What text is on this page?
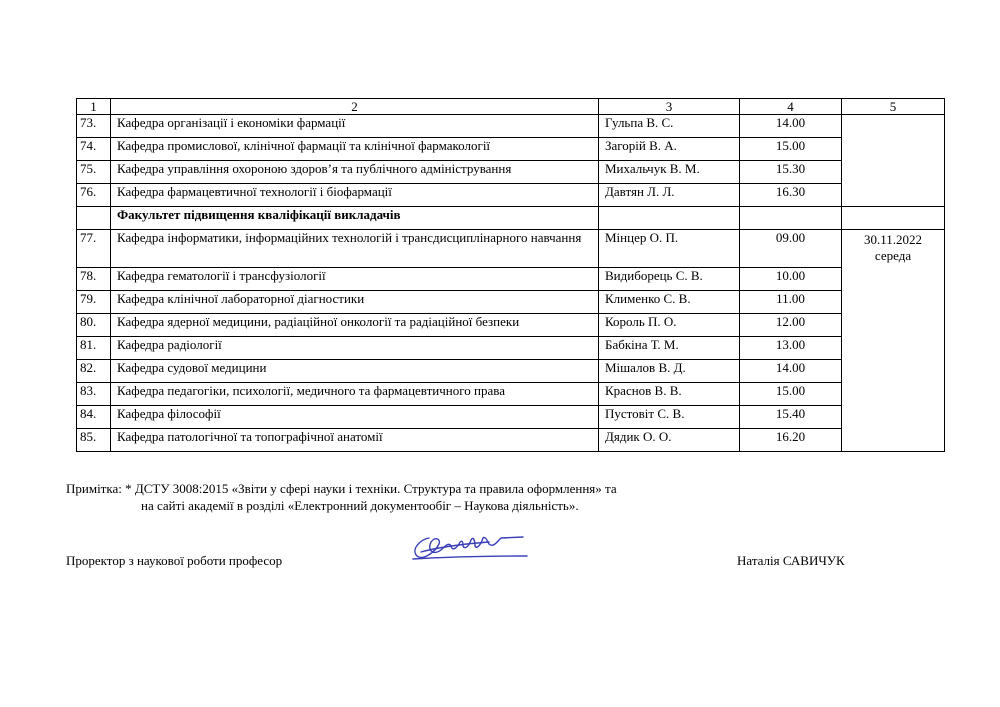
1	2	3	4	5
73.	Кафедра організації і економіки фармації	Гульпа В. С.	14.00	
74.	Кафедра промислової, клінічної фармації та клінічної фармакології	Загорій В. А.	15.00	
75.	Кафедра управління охороною здоров’я та публічного адміністрування	Михальчук В. М.	15.30	
76.	Кафедра фармацевтичної технології і біофармації	Давтян Л. Л.	16.30	
	Факультет підвищення кваліфікації викладачів			
77.	Кафедра інформатики, інформаційних технологій і трансдисциплінарного навчання	Мінцер О. П.	09.00	30.11.2022
середа

78.	Кафедра гематології і трансфузіології	Видиборець С. В.	10.00	
79.	Кафедра клінічної лабораторної діагностики	Клименко С. В.	11.00	
80.	Кафедра ядерної медицини, радіаційної онкології та радіаційної безпеки	Король П. О.	12.00	
81.	Кафедра радіології	Бабкіна Т. М.	13.00	
82.	Кафедра судової медицини	Мішалов В. Д.	14.00	
83.	Кафедра педагогіки, психології, медичного та фармацевтичного права	Краснов В. В.	15.00	
84.	Кафедра філософії	Пустовіт С. В.	15.40	
85.	Кафедра патологічної та топографічної анатомії	Дядик О. О.	16.20	
Примітка: * ДСТУ 3008:2015 «Звіти у сфері науки і техніки. Структура та правила оформлення» та
на сайті академії в розділі «Електронний документообіг – Наукова діяльність».
Проректор з наукової роботи професор	Наталія САВИЧУК
